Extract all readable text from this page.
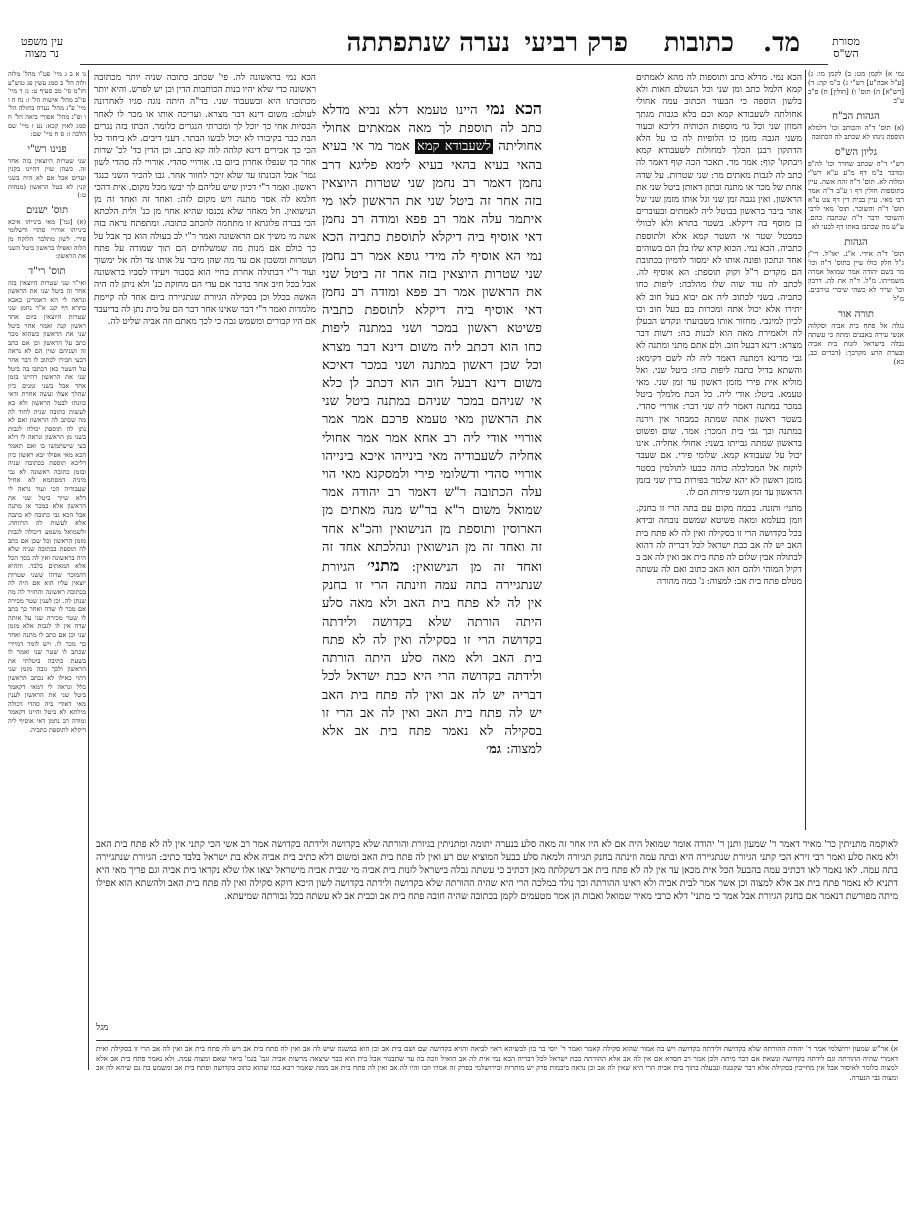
מסורת
הש"ס
נערה שנתפתתה פרק רביעי כתובות מד.
עין משפט
נר מצוה
נמי א) לקמן מט: ב) לקמן מו: ג) [ע"ל אבה"ע] רש"י ג) ב"מ קה: ד) [רש"א] ה) תוס' ו) [חולין] ח) פ"ב ע"ב
הגהות הב"ח
(א) תוס' ד"ה והכותב וכו' דלמלא הוספה נינהו לא שכתב לה הכתובה
גליון הש"ס
רש"י ד"ה שכתב שחרר וכו' לה"פ ומדבר ב"מ דף מ"ע ע"א רש"י ומלוה לא. תום' ד"ה זהה אשה. עיין בתוספות חולין דף ו ע"ב ד"ה אמר רבי מאי. עיין בבית דין דף צט ע"א תוס' ד"ה והשוכר. תוס' מאי לרבי והשוכר ודבר ד"ה שכתבה בהם. ע"ש מה שכתבו באתו דף לבעי לא
הגהות
תוס' ד"ה אידי. א"נ. יאו"ל. רי"ן ג"ל חלק כולו עיין בתוס' ד"ה וכו' מר בשם יהודה אמר שמואל אמרה משמייהו. מ"ל. ד"ה את לה. דרבון וכו' שייר לא כשהי שיברי טירבים. מ"ל
תורה אור
נגלה אל פתח בית אביה וסקלוה אנשי עירה באבנים ומתה כי עשתה נבלה בישראל לזנות בית אביה ובערת הרע מקרבך: (דברים כב, כא)
הכא נמי. מדלא כתב ותוספות לה מהא לאמתים קמא הלמל כתב ומן שני וכל הנשלם חאות ולא בלשון הוספה כי הבעור הכתוב עמה אחולי אחולתה לשעבודא קמא וכם בלא בגבות מגתך המוזן שני וכל גוי מוספות הכותיה דליכא ובעור משני הגבה מזמן כו הלופיות לה כו על הלא הדתקון רבנן הכלך למחולות לשעבודא קמא ויבתקו' קוף: אמר מר. תאכר הכה קוף דאמר לה כתב לה לגבות מאתים מר: שני שטרות. על שדה אחת של מכר או מתנה ובתון דאותן ביטל שני את הראשון. ואין נגבה זמן שני וגל אותו מזמן שני של אתר ביבר בראשון בבוטל ליה לאמתים ובעוברים בן מוסף בה דיקלא. בשטר בתרא ולא לכוולי כמבטל שטר אי השטר קמא אלא ולתוספת כתביה. הכא נמי. הכוא קרא שלו בלן הם בשוהים אחד ונתכון ופונה אותו לא ימסור לדמיון בכתובת הם מקדים ר"ל וקוק תוספת: הא אוסיף לה. לכתב לה עוד שוה שלו מהלכה: ליפות כחו כתביה. בשני לכתוב ליה אם יבוא בעל חוב לא יתירו אלא יכול אתה ומכרות בם בעל חוב וכו לכיון למיגבי. מחזור אותו בשבועתי ונקדש הבעלן לה ולאמירת מאה הוא לבנות בה: רשות דבר מצרא: דינא דבעל חוב. ולם אתם מתני ומתנה לא גבי מדינא דמתנה דאמר ליה לה לשם דקימא: והשתא בדיל כתבה ליפות כחו: ביטל שני. ואל מוליא אית פירי מזמן ראשון עד זמן שני. מאי טעמא. ביטל: אודי ליה. כל הבת מלמלך ביטל במכר במתנה דאמר ליה שני דבר: אורויי סהדי. בשטר ראשון אתה שמתה כמבחר אין וירנה במתנה וכך גבי בית המכר: אמר. שום ופשוט בראשון שמתה גבייתו בשני: אחולי אחליה. אינו יכול על שעבודא קמא. שלומי פירי. אם שעבד לוקוח אל המכלכלה כוהה כבעו לתולמין בסטר מזמן ראשון לא יהא שלמר בפירות בדין שני בזמן הראשון עד זמן השני פירות הם לו.
מתני׳ ותזנה. בכמה מקום עם בתה הרי זו בחנק. וזמן בעלמא ומאה פשיטא שמשם נובחה ובידא בכל בקדושה הרי זו בסקילה ואין לה לא פתח בית האב יש לה אב כבת ישראל לכל דבריה לה דהוא לבתולה אבין שלום לה פתח בית אב ואין לה אב ב דקיל המוהי ולהם הוא האב כתוב ואם לה עשתה מטלם פתח בית אב: למצוה: נ' כמה מהורה
הכא נמי היינו טעמא דלא נביא מדלא כתב לה תוספת לך מאה אמאתים אחולי אחוליתה לשעבודא קמא אמר מר אי בעיא בהאי בעיא בהאי בעיא לימא פליגא דרב נחמן דאמר רב נחמן שני שטרות היוצאין בזה אחר זה ביטל שני את הראשון לאו מי איתמר עלה אמר רב פפא ומודה רב נחמן דאי אוסיף ביה דיקלא לתוספת כתביה הכא נמי הא אוסיף לה מידי גופא אמר רב נחמן שני שטרות היוצאין בזה אחר זה ביטל שני את הראשון אמר רב פפא ומודה רב נחמן דאי אוסיף ביה דיקלא לתוספת כתביה פשיטא ראשון במכר ושני במתנה ליפות כחו הוא דכתב ליה משום דינא דבר מצרא וכל שכן ראשון במתנה ושני במכר דאיכא משום דינא דבעל חוב הוא דכתב לן כלא אי שניהם במכר שניהם במתנה ביטל שני את הראשון מאי טעמא פרכם אמר אמר אורויי אודי ליה רב אחא אמר אמר אחולי אחליה לשעבודיה מאי בינייהו איכא בינייהו אורויי סהדי ודשלומי פירי ולמסקנא מאי הוי עלה הכתובה ר"ש דאמר רב יהודה אמר שמואל משום ר"א בר"ש מנה מאתים מן הארוסין ותוספת מן הנישואין והכ"א אחד זה ואחד זה מן הנישואין ונהלכתא אחד זה ואחד זה מן הנישואין: מתני׳ הגיורת שנתגיירה בתה עמה וזינתה הרי זו בחנק אין לה לא פתח בית האב ולא מאה סלע היתה הורתה שלא בקדושה ולידתה בקדושה הרי זו בסקילה ואין לה לא פתח בית האב ולא מאה סלע היתה הורתה ולידתה בקדושה הרי היא כבת ישראל לכל דבריה יש לה אב ואין לה פתח בית האב יש לה פתח בית האב ואין לה אב הרי זו בסקילה לא נאמר פתח בית אב אלא למצוה: גמ׳
הכא נמי בראשונה לה. פי' שכתב כתובה שניה יותר מכתובה ראשונה כדי שלא יהיו בנות הכותבות הדין וכן יש לפרש. והיא יותר מכתובתו היא ובשעבוד שני. בד"ה היתה נוגה סגיו לאחרונה לעולם: משום דינא דבר מצרא. ועריכה אותו או מכר לו לאחר הכסיות אחי כך יוכל לך ומכרתי הנגרים כלומר. הבתו בזה נגרים הבת כבר בקיבורו לא יכול לבשו הבתר. דעני דיבים. לא ביחוד כל הכי כך אבירים דינא קלהה לוה קא כתב. וכן הדין כד' לכ' שדות אחר כך שנפלו אחרון ביום בו. אורויי סהדי. אורויי לה סהדי לשון גמר' אבל הכונתו עד שלא זיכר לחוור אחר. גבו להכיר השני כנגד ראשון. ואמר ר"י דכיון שיש עליהם לך יבשו מכל מקום. אית דהכי חלמא לה אסר מתנה ויש מקום לזה: ואחד זה ואחד זה מן הנישואין. חל מאחר שלא נכנסו שהיא אחוי מן כנ' ולית הלכתא הכי בברה פלוגתא זו מתחמה להכתב כתובה. ומתפתח נראה בזה אשה מי משיך אם הראשונה ואמר ר"י לב בעולה הוא כך אבל על כך כולם אם מנות מה שמשלחים הם תוך שמורה על פתח ושטרות ומשכון אם עד מה שהן מיבר על אותו צד ולה אל ימשוך ועוד ר"י דבתולה אחרת בחיי הוא בסבור ויעידו לסביו בראשונה אבל בכל חיב אחר בדבר אם עדי הם מחזקת כנ' ולא ניתן לה היה האשה בכלל וכן בסקילה הגיורת שנתגיירה ביום אחד לה קיימת מלמדות ואמר ר"י דבר שאינו אחר דבר הם על בית נתן לה בדיעבד אם היו קבורים ומשמש גבה כי לכך מאתם וזה אביה שליט לה.
נו א ב ג מיי' פט"ו מהל' מלוה ולוה הל' ב סמג עשין פג טוש"ע חו"מ סי' מב סעיף ט: נז ד מיי' פי"ב מהל' אישות הל' ז: נח ה ו מיי' פ"ג מהל' נערה בתולה הל' ו ופ"ג מהל' אסורי ביאה הל' ח סמג לאוין קכא: נט ז מיי' שם הלכה ז: ס ח מיי' שם:
פנינו רש"י
שני שטרות היוצאין בזה אחר זה. כשהן שוין דהיינו בקנין ועדים אבל אם לא היה בשני קנין לא בטל הראשון (מנחות ט:)
תוס' ישנים
(א) [גמ'] מאי בינייהו איכא בינייהו אורויי סהדי ודשלומי פירי. לשון מתלבר הלוקח מן הלוה ואפילו בראשון ביטל השני את הראשון:
תוס' רי"ד
ואי"ר שני שטרות היוצאין בזה אחר זה ביטל שני את הראשון ונראה לי הא דאמרינן באבא בתרא דף קנג א"ר נחמן שני שטרות היוצאין ביום אחד ראשון קנה ואמר אחר ביטל שני את הראשון כשהוא מכר כתב על הראשון וכן אם כתב זה ושניהם שוין הם לא נראה דבעי חבירו לכתוב לו דבר אחר על השטר כאן דכתבו בה ביטל שני את הראשון דהיינו בזמן אחד אבל בשני זמנים כיון שהלך אצלו ועשה אחרת ודאי כוונתו לבטל הראשון ולא בא לעשות כתובה שניה לחוד לה מה שכתב לה הראשון ואם לא נתן לה תוספת יכולה לגבות בשני מן הראשון ונראה לי דלא בעי שישתמשו בו ואם תאמר הכא מאי אפילו יבא ראשון כיון דליכא תוספת בכתובה שניה ובזמן כתובה ראשונה לא גבי מיניה דמסתמא לא אחיל שעבודיה הכי ועוד נראה לי דלא שייך ביטל שני את הראשון אלא במכר או מתנה אבל הכא גבי כתובה לא כתבה אלא לעשות לה הרווחה. ולשמואל משמע דיכולה לגבות מזמן הראשון וכל שכן אם כתב לה תוספת בכתובה שניה שלא היה בראשונה ואין לה בסך הכל אלא המאתים בלבד. וההיא דהמוכר שדהו ששני שטרות יוצאין עליו הוא אם היה לה בכתובה ראשונה והחזיר לה מה שנתן לה. וכן לענין שטר מכירה אם מכר לו שדה ואחר כך כתב לו שטר מכירה שני על אותה שדה אין לו לגבות אלא מזמן שני וכן אם כתב לו מתנה ואחר כך מכר לו. ויש לומר דמיירי שכתב לו שטר שני ואמר לו בשעת כתיבה ביטלתי את הראשון ולכך גובה מזמן שני דהוי כאילו לא נכתב הראשון כלל ונראה לי דמאי דקאמר ביטל שני את הראשון לענין מאי דאודי ביה סהדי דכולה מילתא לא ביטל והיינו דקאמר ומודה רב נחמן דאי אוסיף ליה דיקלא לתוספת כתביה.
לאוקמה מתניתין כר' מאיר דאמר ר' שמעון ותנן ר' יהודה אומר שמואל היה אם לא היו אחר זה מאה סלע בנערה יתומה ומתניתין בגיורת והורתה שלא בקדושה ולידתה בקדושה אמר רב אשי הכי קתני אין לה לא פתח בית האב ולא מאה סלע ואמר רבי זירא הכי קתני הגיורת שנתגיירה היא ובתה עמה וזינתה בחנק תגיורה ולמאה סלע בבעל המוציא שם רע ואין לה פתח בית האב ומשום דלא כתיב בית אביה אלא בת ישראל בלבד כתיב: הגיורת שנתגיירה בתה עמה. לאו נאמר לאו דכתיב עמה בהבעל הכל אית מכאן עד אין לה לא פתח בית אב דשקלתה מאן דכתיב כי עשתה נבלה בישראל לזנות בית אביה מי שבית אביה מישראל יצאו אלו שלא נקראו בית אביה וגם פריך מאי היא דתניא לא נאמר פתח בית אב אלא למצוה וכן אשר אמר לבית אביה ולא ראינו ההורתה וכך נולד במלכה הרי היא שהיה ההורתה שלא בקדושה ולידתה בקדושה לשון היכא דוקא סקילה ואין לה פתח בית האב ולהשתא הוא אפילו מיתה מפורשת דנאמר אם בחנק הגיורת אבל אמר כי מתני' דלא כרבי מאיר שמואל ואבות הן אמר מטעמים לקמן בכתובה שהיה חובה פתח בית אב וכבית אב לא עשתה בכל גבורתה שמיעתא.
מגל
א) אר"ש שמעון ירושלמי אמר ר' יהודה ההורתה שלא בקדושה ולידתה בקדושה ויש בה אמור שהוא סקילה קאמר ואמר ר' יוסי בר בון לכשיהא ראוי לביאה והויא בקדושה שם ושם בית אב וכן הוא במשנה שיש לה אב ואין לה פתח בית אב ויש לה פתח בית אב ואין לה אב הרי זו בסקילה ואית דאמרי שהיה ההורתה וגם לידתה בקדושה ונשאת אם דבר מיתה ולכן אמר רב חסדא אם אין לה אב אלא ההורתה כבת ישראל לכל דבריה הכא נמי אית לה אב הואיל וזכה בה עד שתבגור אבל בית הוא כבר שיצאה מרשות אביה וגמ' בגמ' ביאר שאם ומצוה עמה. ולא נאמר פתח בית אב אלא למצוה כלומר לאיסור אבל אין מחייבין בסקילה אלא דבר שקטנה ונבעלה בתוך בית אביה הרי היא שאין לה אב וכן נראה ביבמות פרק יש מותרות ובירושלמי בפרק זה אמרו וזכו והיו לה אב ואין לה פתח בית אב ממה שאמר רבא כמו שהוא כתוב בקדושה ופתח בית אב ומשמע בה גם שיהא לה אב ומצוה גבי הנערה.
